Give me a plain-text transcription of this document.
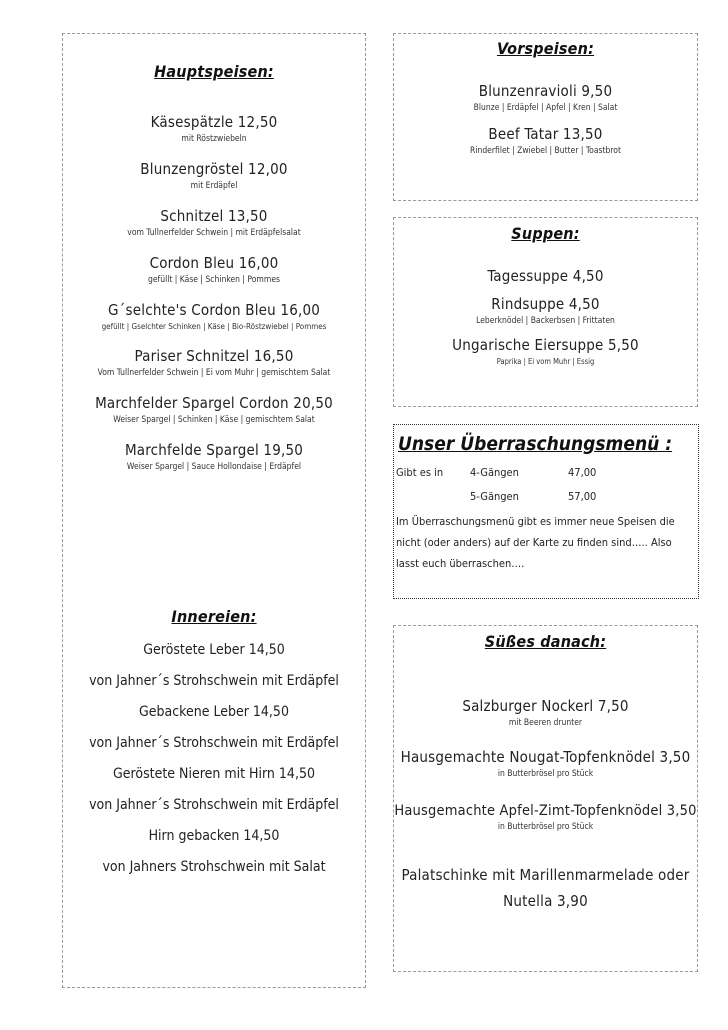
Hauptspeisen:
Käsespätzle 12,50
mit Röstzwiebeln
Blunzengröstel 12,00
mit Erdäpfel
Schnitzel 13,50
vom Tullnerfelder Schwein | mit Erdäpfelsalat
Cordon Bleu 16,00
gefüllt | Käse | Schinken | Pommes
G´selchte's Cordon Bleu 16,00
gefüllt | Gselchter Schinken | Käse | Bio-Röstzwiebel | Pommes
Pariser Schnitzel 16,50
Vom Tullnerfelder Schwein | Ei vom Muhr | gemischtem Salat
Marchfelder Spargel Cordon 20,50
Weiser Spargel | Schinken | Käse | gemischtem Salat
Marchfelde Spargel 19,50
Weiser Spargel | Sauce Hollondaise | Erdäpfel
Innereien:
Geröstete Leber 14,50
von Jahner´s Strohschwein mit Erdäpfel
Gebackene Leber 14,50
von Jahner´s Strohschwein mit Erdäpfel
Geröstete Nieren mit Hirn 14,50
von Jahner´s Strohschwein mit Erdäpfel
Hirn gebacken 14,50
von Jahners Strohschwein mit Salat
Vorspeisen:
Blunzenravioli 9,50
Blunze | Erdäpfel | Apfel | Kren | Salat
Beef Tatar 13,50
Rinderfilet | Zwiebel | Butter | Toastbrot
Suppen:
Tagessuppe 4,50
Rindsuppe 4,50
Leberknödel | Backerbsen | Frittaten
Ungarische Eiersuppe 5,50
Paprika | Ei vom Muhr | Essig
Unser Überraschungsmenü :
Gibt es in 4-Gängen	47,00
5-Gängen	57,00
Im Überraschungsmenü gibt es immer neue Speisen die nicht (oder anders) auf der Karte zu finden sind….. Also lasst euch überraschen….
Süßes danach:
Salzburger Nockerl 7,50
mit Beeren drunter
Hausgemachte Nougat-Topfenknödel 3,50
in Butterbrösel pro Stück
Hausgemachte Apfel-Zimt-Topfenknödel 3,50
in Butterbrösel pro Stück
Palatschinke mit Marillenmarmelade oder
Nutella 3,90
